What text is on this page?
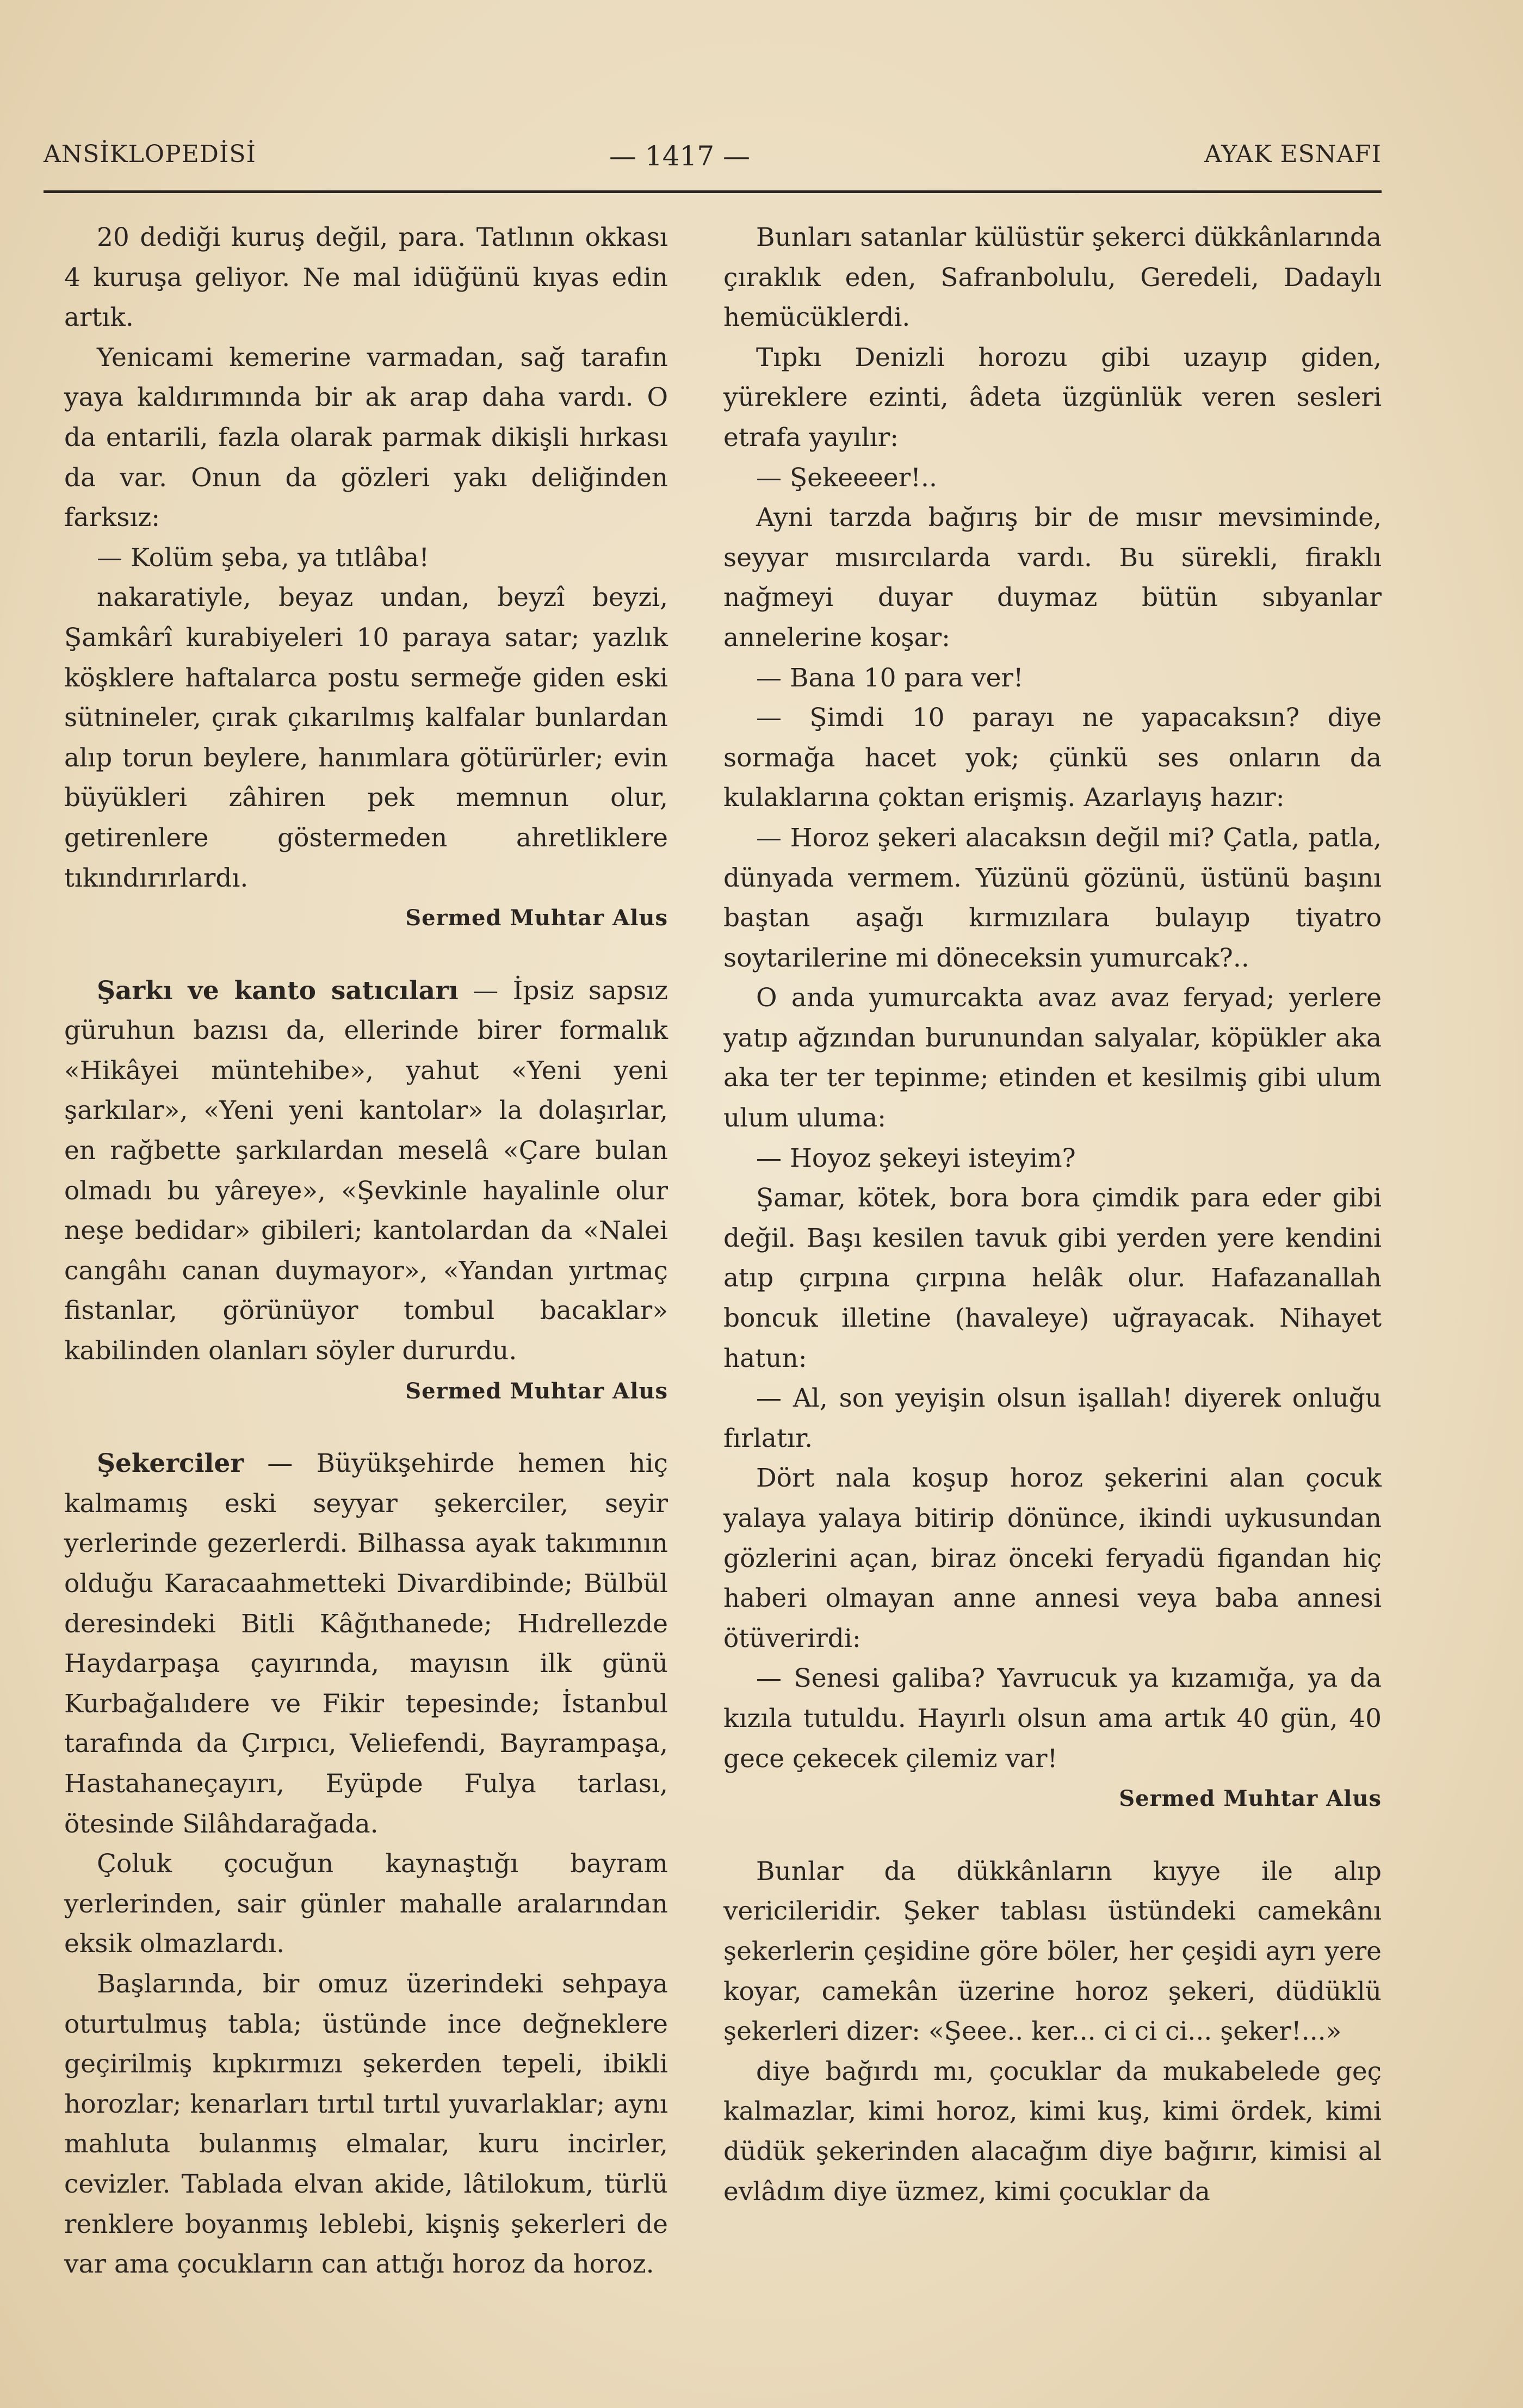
ANSİKLOPEDİSİ	— 1417 —	AYAK ESNAFI

20 dediği kuruş değil, para. Tatlının okkası 4 kuruşa geliyor. Ne mal idüğünü kıyas edin artık.

Yenicami kemerine varmadan, sağ tarafın yaya kaldırımında bir ak arap daha vardı. O da entarili, fazla olarak parmak dikişli hırkası da var. Onun da gözleri yakı deliğinden farksız:

— Kolüm şeba, ya tıtlâba!

nakaratiyle, beyaz undan, beyzî beyzi, Şamkârî kurabiyeleri 10 paraya satar; yazlık köşklere haftalarca postu sermeğe giden eski sütnineler, çırak çıkarılmış kalfalar bunlardan alıp torun beylere, hanımlara götürürler; evin büyükleri zâhiren pek memnun olur, getirenlere göstermeden ahretliklere tıkındırırlardı.

Sermed Muhtar Alus

Şarkı ve kanto satıcıları — İpsiz sapsız güruhun bazısı da, ellerinde birer formalık «Hikâyei müntehibe», yahut «Yeni yeni şarkılar», «Yeni yeni kantolar» la dolaşırlar, en rağbette şarkılardan meselâ «Çare bulan olmadı bu yâreye», «Şevkinle hayalinle olur neşe bedidar» gibileri; kantolardan da «Nalei cangâhı canan duymayor», «Yandan yırtmaç fistanlar, görünüyor tombul bacaklar» kabilinden olanları söyler dururdu.

Sermed Muhtar Alus

Şekerciler — Büyükşehirde hemen hiç kalmamış eski seyyar şekerciler, seyir yerlerinde gezerlerdi. Bilhassa ayak takımının olduğu Karacaahmetteki Divardibinde; Bülbül deresindeki Bitli Kâğıthanede; Hıdrellezde Haydarpaşa çayırında, mayısın ilk günü Kurbağalıdere ve Fikir tepesinde; İstanbul tarafında da Çırpıcı, Veliefendi, Bayrampaşa, Hastahaneçayırı, Eyüpde Fulya tarlası, ötesinde Silâhdarağada.

Çoluk çocuğun kaynaştığı bayram yerlerinden, sair günler mahalle aralarından eksik olmazlardı.

Başlarında, bir omuz üzerindeki sehpaya oturtulmuş tabla; üstünde ince değneklere geçirilmiş kıpkırmızı şekerden tepeli, ibikli horozlar; kenarları tırtıl tırtıl yuvarlaklar; aynı mahluta bulanmış elmalar, kuru incirler, cevizler. Tablada elvan akide, lâtilokum, türlü renklere boyanmış leblebi, kişniş şekerleri de var ama çocukların can attığı horoz da horoz.

Bunları satanlar külüstür şekerci dükkânlarında çıraklık eden, Safranbolulu, Geredeli, Dadaylı hemücüklerdi.

Tıpkı Denizli horozu gibi uzayıp giden, yüreklere ezinti, âdeta üzgünlük veren sesleri etrafa yayılır:

— Şekeeeer!..

Ayni tarzda bağırış bir de mısır mevsiminde, seyyar mısırcılarda vardı. Bu sürekli, firaklı nağmeyi duyar duymaz bütün sıbyanlar annelerine koşar:

— Bana 10 para ver!

— Şimdi 10 parayı ne yapacaksın? diye sormağa hacet yok; çünkü ses onların da kulaklarına çoktan erişmiş. Azarlayış hazır:

— Horoz şekeri alacaksın değil mi? Çatla, patla, dünyada vermem. Yüzünü gözünü, üstünü başını baştan aşağı kırmızılara bulayıp tiyatro soytarilerine mi döneceksin yumurcak?..

O anda yumurcakta avaz avaz feryad; yerlere yatıp ağzından burunundan salyalar, köpükler aka aka ter ter tepinme; etinden et kesilmiş gibi ulum ulum uluma:

— Hoyoz şekeyi isteyim?

Şamar, kötek, bora bora çimdik para eder gibi değil. Başı kesilen tavuk gibi yerden yere kendini atıp çırpına çırpına helâk olur. Hafazanallah boncuk illetine (havaleye) uğrayacak. Nihayet hatun:

— Al, son yeyişin olsun işallah! diyerek onluğu fırlatır.

Dört nala koşup horoz şekerini alan çocuk yalaya yalaya bitirip dönünce, ikindi uykusundan gözlerini açan, biraz önceki feryadü figandan hiç haberi olmayan anne annesi veya baba annesi ötüverirdi:

— Senesi galiba? Yavrucuk ya kızamığa, ya da kızıla tutuldu. Hayırlı olsun ama artık 40 gün, 40 gece çekecek çilemiz var!

Sermed Muhtar Alus

Bunlar da dükkânların kıyye ile alıp vericileridir. Şeker tablası üstündeki camekânı şekerlerin çeşidine göre böler, her çeşidi ayrı yere koyar, camekân üzerine horoz şekeri, düdüklü şekerleri dizer: «Şeee.. ker... ci ci ci... şeker!...»

diye bağırdı mı, çocuklar da mukabelede geç kalmazlar, kimi horoz, kimi kuş, kimi ördek, kimi düdük şekerinden alacağım diye bağırır, kimisi al evlâdım diye üzmez, kimi çocuklar da
